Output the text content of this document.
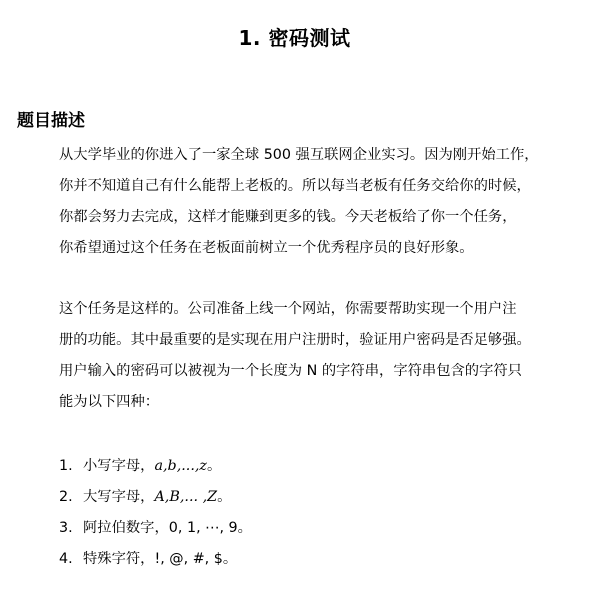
1. 密码测试
题目描述
从大学毕业的你进入了一家全球 500 强互联网企业实习。因为刚开始工作，
你并不知道自己有什么能帮上老板的。所以每当老板有任务交给你的时候，
你都会努力去完成，这样才能赚到更多的钱。今天老板给了你一个任务，
你希望通过这个任务在老板面前树立一个优秀程序员的良好形象。
这个任务是这样的。公司准备上线一个网站，你需要帮助实现一个用户注
册的功能。其中最重要的是实现在用户注册时，验证用户密码是否足够强。
用户输入的密码可以被视为一个长度为 N 的字符串，字符串包含的字符只
能为以下四种：
1. 小写字母，a,b,...,z。
2. 大写字母，A,B,... ,Z。
3. 阿拉伯数字，0, 1, ⋯, 9。
4. 特殊字符，!, @, #, $。
